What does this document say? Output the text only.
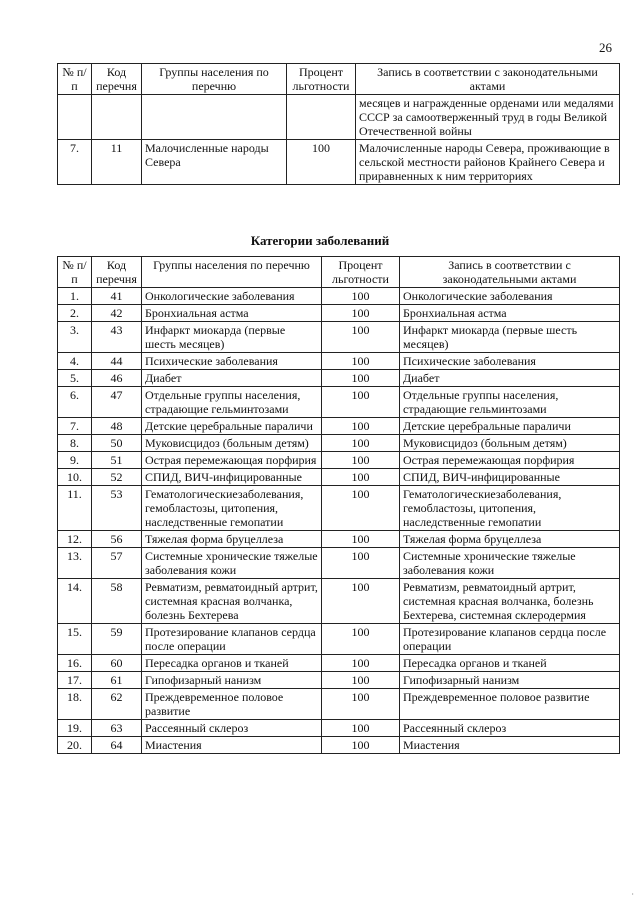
26
№ п/п	Код перечня	Группы населения по перечню	Процент льготности	Запись в соответствии с законодательными актами
				месяцев и награжденные орденами или медалями СССР за самоотверженный труд в годы Великой Отечественной войны
7.	11	Малочисленные народы Севера	100	Малочисленные народы Севера, проживающие в сельской местности районов Крайнего Севера и приравненных к ним территориях
Категории заболеваний
№ п/п	Код перечня	Группы населения по перечню	Процент льготности	Запись в соответствии с законодательными актами
1.	41	Онкологические заболевания	100	Онкологические заболевания
2.	42	Бронхиальная астма	100	Бронхиальная астма
3.	43	Инфаркт миокарда (первые шесть месяцев)	100	Инфаркт миокарда (первые шесть месяцев)
4.	44	Психические заболевания	100	Психические заболевания
5.	46	Диабет	100	Диабет
6.	47	Отдельные группы населения, страдающие гельминтозами	100	Отдельные группы населения, страдающие гельминтозами
7.	48	Детские церебральные параличи	100	Детские церебральные параличи
8.	50	Муковисцидоз (больным детям)	100	Муковисцидоз (больным детям)
9.	51	Острая перемежающая порфирия	100	Острая перемежающая порфирия
10.	52	СПИД, ВИЧ-инфицированные	100	СПИД, ВИЧ-инфицированные
11.	53	Гематологическиезаболевания, гемобластозы, цитопения, наследственные гемопатии	100	Гематологическиезаболевания, гемобластозы, цитопения, наследственные гемопатии
12.	56	Тяжелая форма бруцеллеза	100	Тяжелая форма бруцеллеза
13.	57	Системные хронические тяжелые заболевания кожи	100	Системные хронические тяжелые заболевания кожи
14.	58	Ревматизм, ревматоидный артрит, системная красная волчанка, болезнь Бехтерева	100	Ревматизм, ревматоидный артрит, системная красная волчанка, болезнь Бехтерева, системная склеродермия
15.	59	Протезирование клапанов сердца после операции	100	Протезирование клапанов сердца после операции
16.	60	Пересадка органов и тканей	100	Пересадка органов и тканей
17.	61	Гипофизарный нанизм	100	Гипофизарный нанизм
18.	62	Преждевременное половое развитие	100	Преждевременное половое развитие
19.	63	Рассеянный склероз	100	Рассеянный склероз
20.	64	Миастения	100	Миастения
·
